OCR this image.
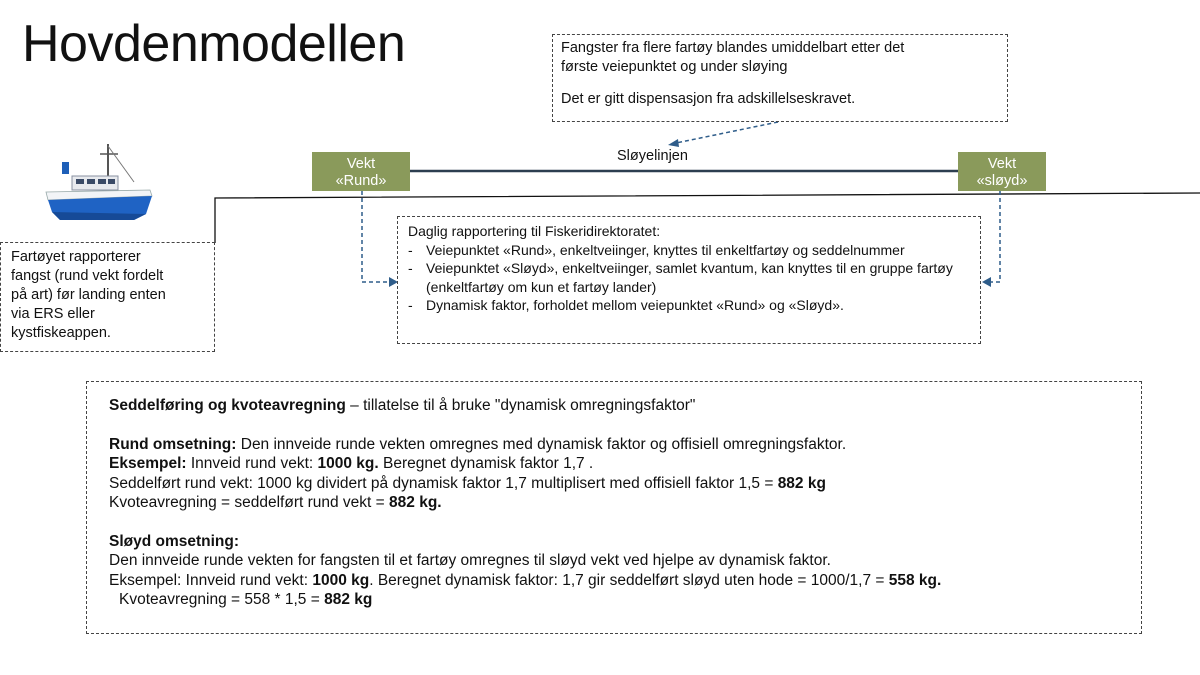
Hovdenmodellen	Fangster fra flere fartøy blandes umiddelbart etter det

første veiepunktet og under sløying

Det er gitt dispensasjon fra adskillelseskravet.

Sløyelinjen
Vekt
«Rund»
Vekt
«sløyd»
Fartøyet rapporterer
fangst (rund vekt fordelt
på art) før landing enten
via ERS eller
kystfiskeappen.
Daglig rapportering til Fiskeridirektoratet:
- Veiepunktet «Rund», enkeltveiinger, knyttes til enkeltfartøy og seddelnummer
- Veiepunktet «Sløyd», enkeltveiinger, samlet kvantum, kan knyttes til en gruppe fartøy (enkeltfartøy om kun et fartøy lander)
- Dynamisk faktor, forholdet mellom veiepunktet «Rund» og «Sløyd».

Seddelføring og kvoteavregning – tillatelse til å bruke "dynamisk omregningsfaktor"

Rund omsetning: Den innveide runde vekten omregnes med dynamisk faktor og offisiell omregningsfaktor.

Eksempel: Innveid rund vekt: 1000 kg. Beregnet dynamisk faktor 1,7 .

Seddelført rund vekt: 1000 kg dividert på dynamisk faktor 1,7 multiplisert med offisiell faktor 1,5 = 882 kg

Kvoteavregning = seddelført rund vekt = 882 kg.

Sløyd omsetning:

Den innveide runde vekten for fangsten til et fartøy omregnes til sløyd vekt ved hjelpe av dynamisk faktor.

Eksempel: Innveid rund vekt: 1000 kg. Beregnet dynamisk faktor: 1,7 gir seddelført sløyd uten hode = 1000/1,7 = 558 kg.

Kvoteavregning = 558 * 1,5 = 882 kg
